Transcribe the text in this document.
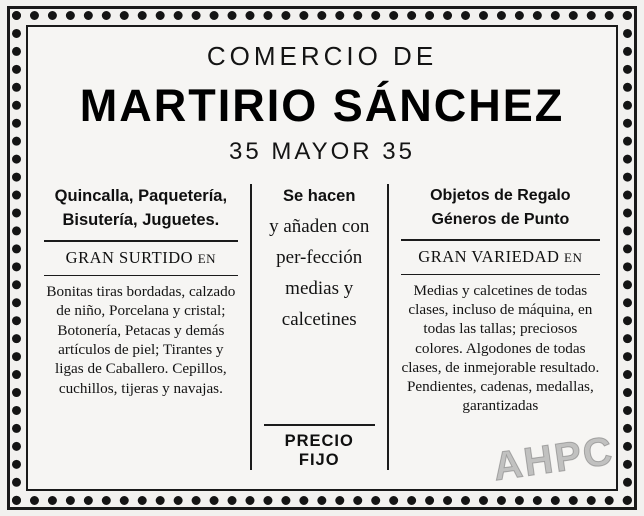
COMERCIO DE
MARTIRIO SÁNCHEZ
35 MAYOR 35
Quincalla, Paquetería,
Bisutería, Juguetes.
GRAN SURTIDO EN
Bonitas tiras bordadas, calzado de niño, Porcelana y cristal; Botonería, Petacas y demás artículos de piel; Tirantes y ligas de Caballero. Cepillos, cuchillos, tijeras y navajas.
Se hacen
y añaden con per-fección medias y calcetines
PRECIO FIJO
Objetos de Regalo
Géneros de Punto
GRAN VARIEDAD EN
Medias y calcetines de todas clases, incluso de máquina, en todas las tallas; preciosos colores. Algodones de todas clases, de inmejorable resultado. Pendientes, cadenas, medallas, garantizadas
AHPC
